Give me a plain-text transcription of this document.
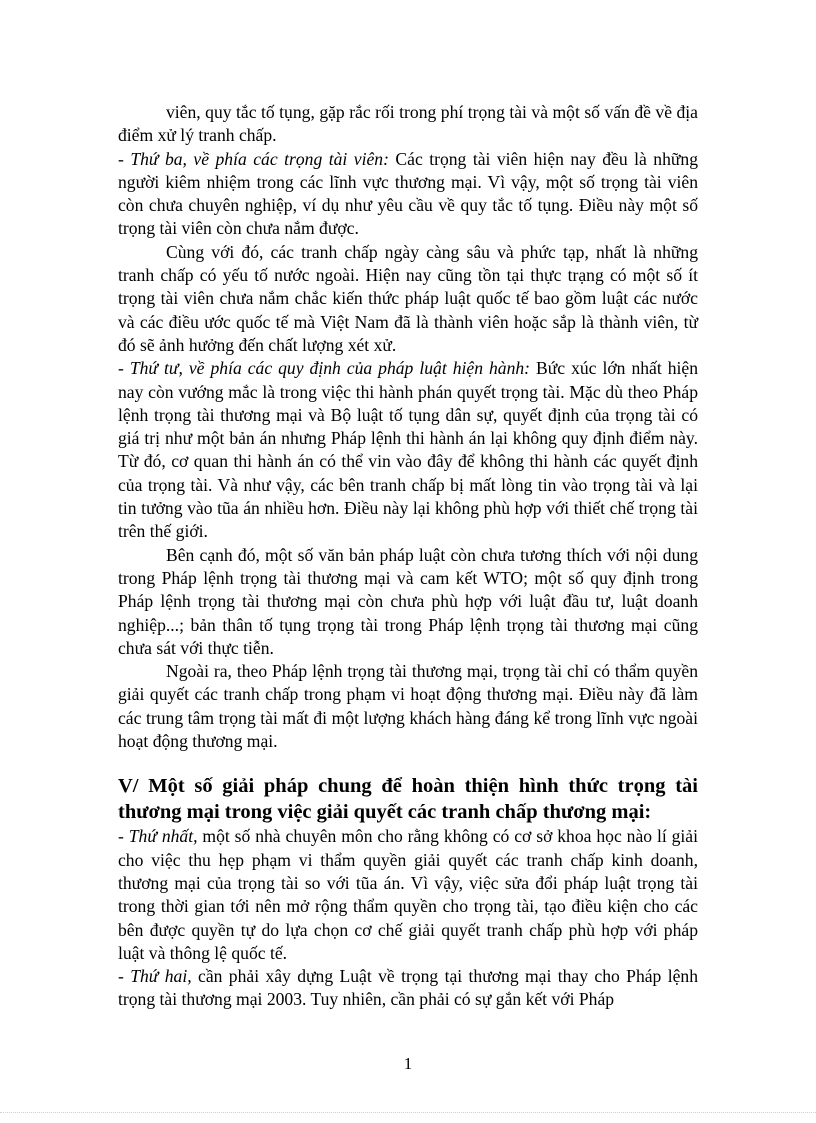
viên, quy tắc tố tụng, gặp rắc rối trong phí trọng tài và một số vấn đề về địa điểm xử lý tranh chấp.

- Thứ ba, về phía các trọng tài viên: Các trọng tài viên hiện nay đều là những người kiêm nhiệm trong các lĩnh vực thương mại. Vì vậy, một số trọng tài viên còn chưa chuyên nghiệp, ví dụ như yêu cầu về quy tắc tố tụng. Điều này một số trọng tài viên còn chưa nắm được.

Cùng với đó, các tranh chấp ngày càng sâu và phức tạp, nhất là những tranh chấp có yếu tố nước ngoài. Hiện nay cũng tồn tại thực trạng có một số ít trọng tài viên chưa nắm chắc kiến thức pháp luật quốc tế bao gồm luật các nước và các điều ước quốc tế mà Việt Nam đã là thành viên hoặc sắp là thành viên, từ đó sẽ ảnh hưởng đến chất lượng xét xử.

- Thứ tư, về phía các quy định của pháp luật hiện hành: Bức xúc lớn nhất hiện nay còn vướng mắc là trong việc thi hành phán quyết trọng tài. Mặc dù theo Pháp lệnh trọng tài thương mại và Bộ luật tố tụng dân sự, quyết định của trọng tài có giá trị như một bản án nhưng Pháp lệnh thi hành án lại không quy định điểm này. Từ đó, cơ quan thi hành án có thể vin vào đây để không thi hành các quyết định của trọng tài. Và như vậy, các bên tranh chấp bị mất lòng tin vào trọng tài và lại tin tưởng vào tũa án nhiều hơn. Điều này lại không phù hợp với thiết chế trọng tài trên thế giới.

Bên cạnh đó, một số văn bản pháp luật còn chưa tương thích với nội dung trong Pháp lệnh trọng tài thương mại và cam kết WTO; một số quy định trong Pháp lệnh trọng tài thương mại còn chưa phù hợp với luật đầu tư, luật doanh nghiệp...; bản thân tố tụng trọng tài trong Pháp lệnh trọng tài thương mại cũng chưa sát với thực tiễn.

Ngoài ra, theo Pháp lệnh trọng tài thương mại, trọng tài chỉ có thẩm quyền giải quyết các tranh chấp trong phạm vi hoạt động thương mại. Điều này đã làm các trung tâm trọng tài mất đi một lượng khách hàng đáng kể trong lĩnh vực ngoài hoạt động thương mại.

V/ Một số giải pháp chung để hoàn thiện hình thức trọng tài thương mại trong việc giải quyết các tranh chấp thương mại:

- Thứ nhất, một số nhà chuyên môn cho rằng không có cơ sở khoa học nào lí giải cho việc thu hẹp phạm vi thẩm quyền giải quyết các tranh chấp kinh doanh, thương mại của trọng tài so với tũa án. Vì vậy, việc sửa đổi pháp luật trọng tài trong thời gian tới nên mở rộng thẩm quyền cho trọng tài, tạo điều kiện cho các bên được quyền tự do lựa chọn cơ chế giải quyết tranh chấp phù hợp với pháp luật và thông lệ quốc tế.

- Thứ hai, cần phải xây dựng Luật về trọng tại thương mại thay cho Pháp lệnh trọng tài thương mại 2003. Tuy nhiên, cần phải có sự gắn kết với Pháp

1
